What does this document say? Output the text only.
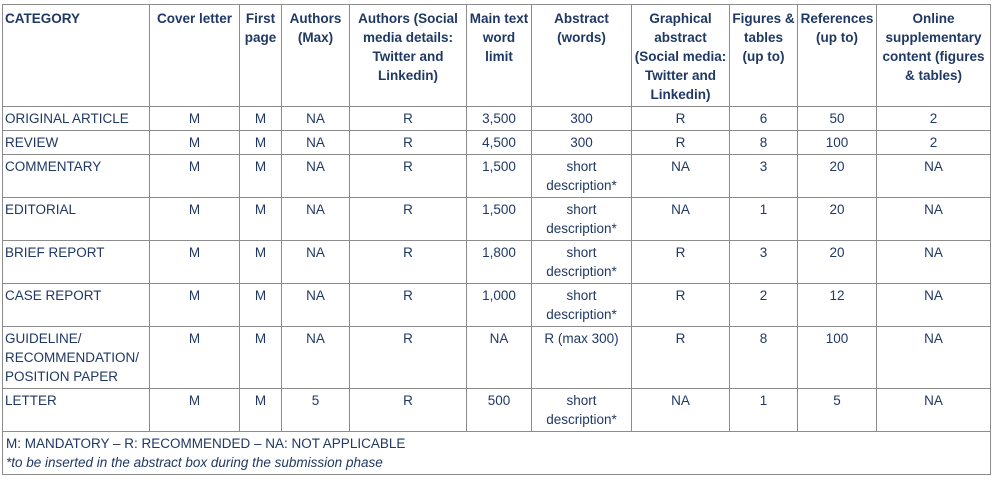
CATEGORY	Cover letter	First page	Authors (Max)	Authors (Social media details: Twitter and Linkedin)	Main text word limit	Abstract (words)	Graphical abstract (Social media: Twitter and Linkedin)	Figures & tables (up to)	References (up to)	Online supplementary content (figures & tables)
ORIGINAL ARTICLE	M	M	NA	R	3,500	300	R	6	50	2
REVIEW	M	M	NA	R	4,500	300	R	8	100	2
COMMENTARY	M	M	NA	R	1,500	short description*	NA	3	20	NA
EDITORIAL	M	M	NA	R	1,500	short description*	NA	1	20	NA
BRIEF REPORT	M	M	NA	R	1,800	short description*	R	3	20	NA
CASE REPORT	M	M	NA	R	1,000	short description*	R	2	12	NA
GUIDELINE/ RECOMMENDATION/ POSITION PAPER	M	M	NA	R	NA	R (max 300)	R	8	100	NA
LETTER	M	M	5	R	500	short description*	NA	1	5	NA

M: MANDATORY – R: RECOMMENDED – NA: NOT APPLICABLE
*to be inserted in the abstract box during the submission phase										
